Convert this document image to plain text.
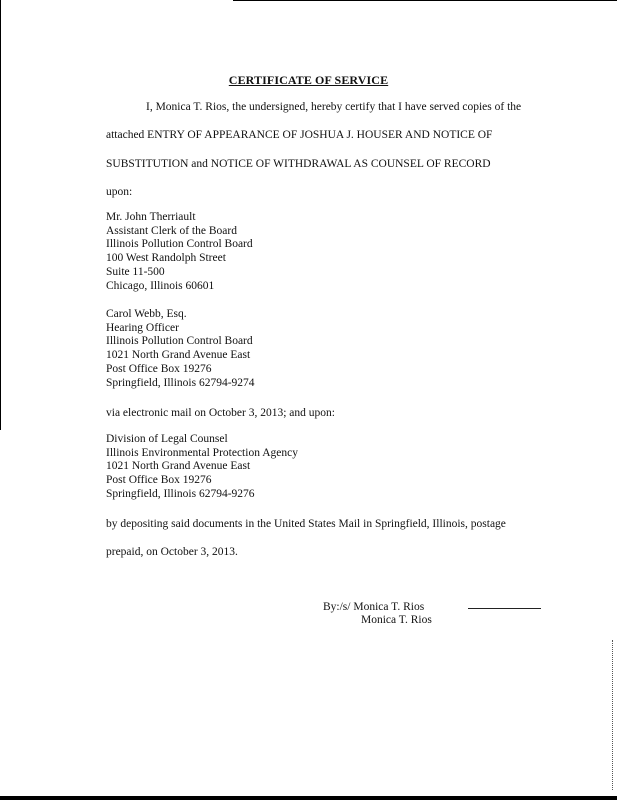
CERTIFICATE OF SERVICE
I, Monica T. Rios, the undersigned, hereby certify that I have served copies of the
attached ENTRY OF APPEARANCE OF JOSHUA J. HOUSER AND NOTICE OF
SUBSTITUTION and NOTICE OF WITHDRAWAL AS COUNSEL OF RECORD
upon:
Mr. John Therriault
Assistant Clerk of the Board
Illinois Pollution Control Board
100 West Randolph Street
Suite 11-500
Chicago, Illinois 60601
Carol Webb, Esq.
Hearing Officer
Illinois Pollution Control Board
1021 North Grand Avenue East
Post Office Box 19276
Springfield, Illinois 62794-9274
via electronic mail on October 3, 2013; and upon:
Division of Legal Counsel
Illinois Environmental Protection Agency
1021 North Grand Avenue East
Post Office Box 19276
Springfield, Illinois 62794-9276
by depositing said documents in the United States Mail in Springfield, Illinois, postage
prepaid, on October 3, 2013.
By:/s/ Monica T. Rios
Monica T. Rios
